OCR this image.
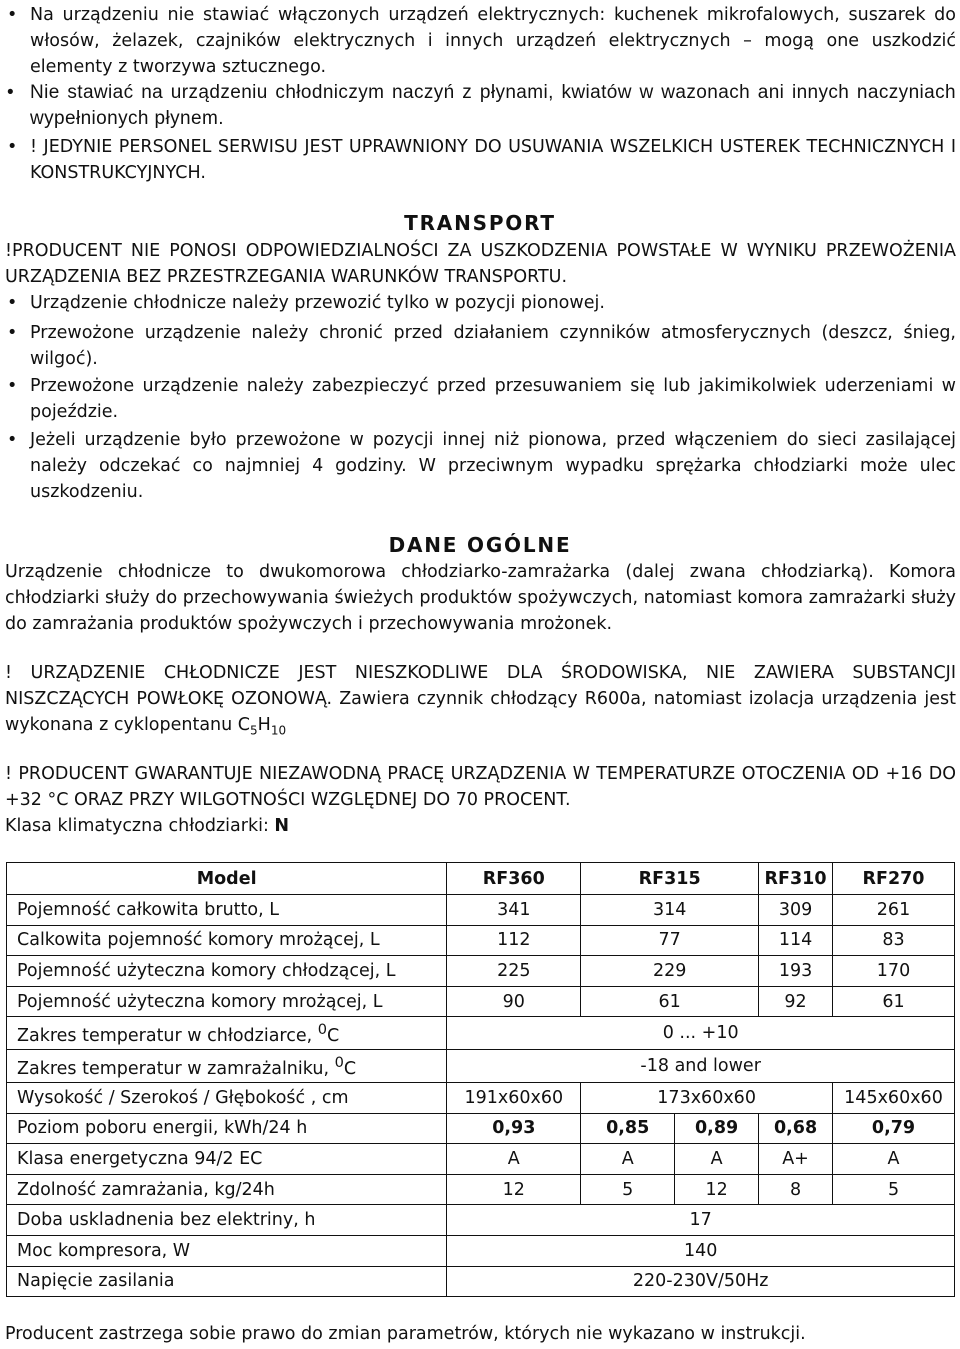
• Na urządzeniu nie stawiać włączonych urządzeń elektrycznych: kuchenek mikrofalowych, suszarek do włosów, żelazek, czajników elektrycznych i innych urządzeń elektrycznych – mogą one uszkodzić elementy z tworzywa sztucznego.

• Nie stawiać na urządzeniu chłodniczym naczyń z płynami, kwiatów w wazonach ani innych naczyniach wypełnionych płynem.

• ! JEDYNIE PERSONEL SERWISU JEST UPRAWNIONY DO USUWANIA WSZELKICH USTEREK TECHNICZNYCH I KONSTRUKCYJNYCH.

TRANSPORT

!PRODUCENT NIE PONOSI ODPOWIEDZIALNOŚCI ZA USZKODZENIA POWSTAŁE W WYNIKU PRZEWOŻENIA URZĄDZENIA BEZ PRZESTRZEGANIA WARUNKÓW TRANSPORTU.

• Urządzenie chłodnicze należy przewozić tylko w pozycji pionowej.

• Przewożone urządzenie należy chronić przed działaniem czynników atmosferycznych (deszcz, śnieg, wilgoć).

• Przewożone urządzenie należy zabezpieczyć przed przesuwaniem się lub jakimikolwiek uderzeniami w pojeździe.

• Jeżeli urządzenie było przewożone w pozycji innej niż pionowa, przed włączeniem do sieci zasilającej należy odczekać co najmniej 4 godziny. W przeciwnym wypadku sprężarka chłodziarki może ulec uszkodzeniu.

DANE OGÓLNE

Urządzenie chłodnicze to dwukomorowa chłodziarko-zamrażarka (dalej zwana chłodziarką). Komora chłodziarki służy do przechowywania świeżych produktów spożywczych, natomiast komora zamrażarki służy do zamrażania produktów spożywczych i przechowywania mrożonek.

! URZĄDZENIE CHŁODNICZE JEST NIESZKODLIWE DLA ŚRODOWISKA, NIE ZAWIERA SUBSTANCJI NISZCZĄCYCH POWŁOKĘ OZONOWĄ. Zawiera czynnik chłodzący R600a, natomiast izolacja urządzenia jest wykonana z cyklopentanu $C_5H_{10}$

! PRODUCENT GWARANTUJE NIEZAWODNĄ PRACĘ URZĄDZENIA W TEMPERATURZE OTOCZENIA OD +16 DO +32 °C ORAZ PRZY WILGOTNOŚCI WZGLĘDNEJ DO 70 PROCENT.

Klasa klimatyczna chłodziarki: N

Model	RF360	RF315		RF310	RF270
Pojemność całkowita brutto, L	341	314		309	261
Calkowita pojemność komory mrożącej, L	112	77		114	83
Pojemność użyteczna komory chłodzącej, L	225	229		193	170
Pojemność użyteczna komory mrożącej, L	90	61		92	61
Zakres temperatur w chłodziarce, $^0$C	0 ... +10				
Zakres temperatur w zamrażalniku, $^0$C	-18 and lower				
Wysokość / Szerokoś / Głębokość , cm	191x60x60	173x60x60			145x60x60
Poziom poboru energii, kWh/24 h	0,93	0,85	0,89	0,68	0,79
Klasa energetyczna 94/2 EC	A	A	A	A+	A
Zdolność zamrażania, kg/24h	12	5	12	8	5
Doba uskladnenia bez elektriny, h	17				
Moc kompresora, W	140				
Napięcie zasilania	220-230V/50Hz				

Producent zastrzega sobie prawo do zmian parametrów, których nie wykazano w instrukcji.
